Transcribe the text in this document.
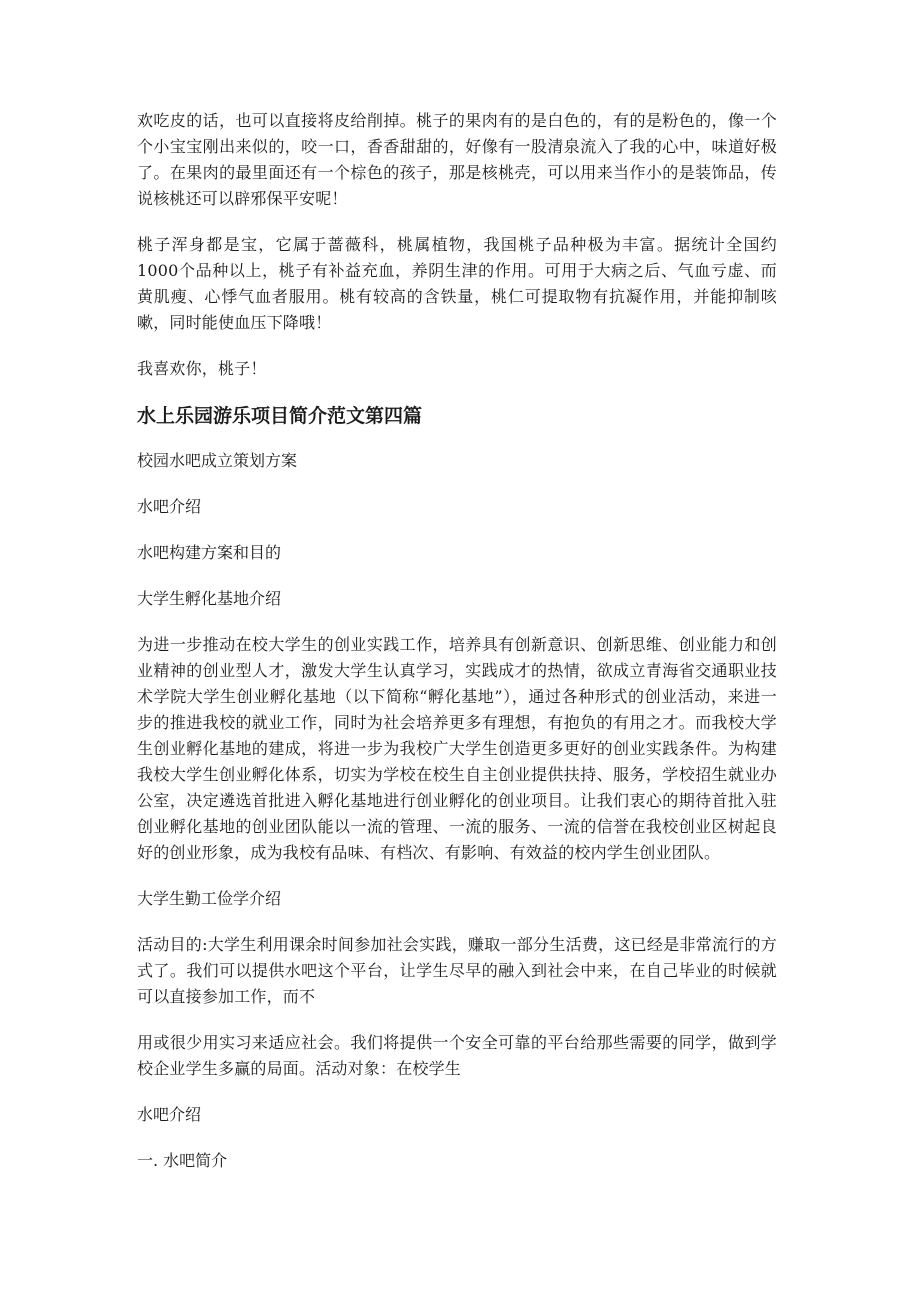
欢吃皮的话，也可以直接将皮给削掉。桃子的果肉有的是白色的，有的是粉色的，像一个个小宝宝刚出来似的，咬一口，香香甜甜的，好像有一股清泉流入了我的心中，味道好极了。在果肉的最里面还有一个棕色的孩子，那是核桃壳，可以用来当作小的是装饰品，传说核桃还可以辟邪保平安呢！

桃子浑身都是宝，它属于蔷薇科，桃属植物，我国桃子品种极为丰富。据统计全国约1000个品种以上，桃子有补益充血，养阴生津的作用。可用于大病之后、气血亏虚、而黄肌瘦、心悸气血者服用。桃有较高的含铁量，桃仁可提取物有抗凝作用，并能抑制咳嗽，同时能使血压下降哦！

我喜欢你，桃子！

水上乐园游乐项目简介范文第四篇

校园水吧成立策划方案

水吧介绍

水吧构建方案和目的

大学生孵化基地介绍

为进一步推动在校大学生的创业实践工作，培养具有创新意识、创新思维、创业能力和创业精神的创业型人才，激发大学生认真学习，实践成才的热情，欲成立青海省交通职业技术学院大学生创业孵化基地（以下简称“孵化基地”），通过各种形式的创业活动，来进一步的推进我校的就业工作，同时为社会培养更多有理想，有抱负的有用之才。而我校大学生创业孵化基地的建成，将进一步为我校广大学生创造更多更好的创业实践条件。为构建我校大学生创业孵化体系，切实为学校在校生自主创业提供扶持、服务，学校招生就业办公室，决定遴选首批进入孵化基地进行创业孵化的创业项目。让我们衷心的期待首批入驻创业孵化基地的创业团队能以一流的管理、一流的服务、一流的信誉在我校创业区树起良好的创业形象，成为我校有品味、有档次、有影响、有效益的校内学生创业团队。

大学生勤工俭学介绍

活动目的:大学生利用课余时间参加社会实践，赚取一部分生活费，这已经是非常流行的方式了。我们可以提供水吧这个平台，让学生尽早的融入到社会中来，在自己毕业的时候就可以直接参加工作，而不

用或很少用实习来适应社会。我们将提供一个安全可靠的平台给那些需要的同学，做到学校企业学生多赢的局面。活动对象：在校学生

水吧介绍

一. 水吧简介
